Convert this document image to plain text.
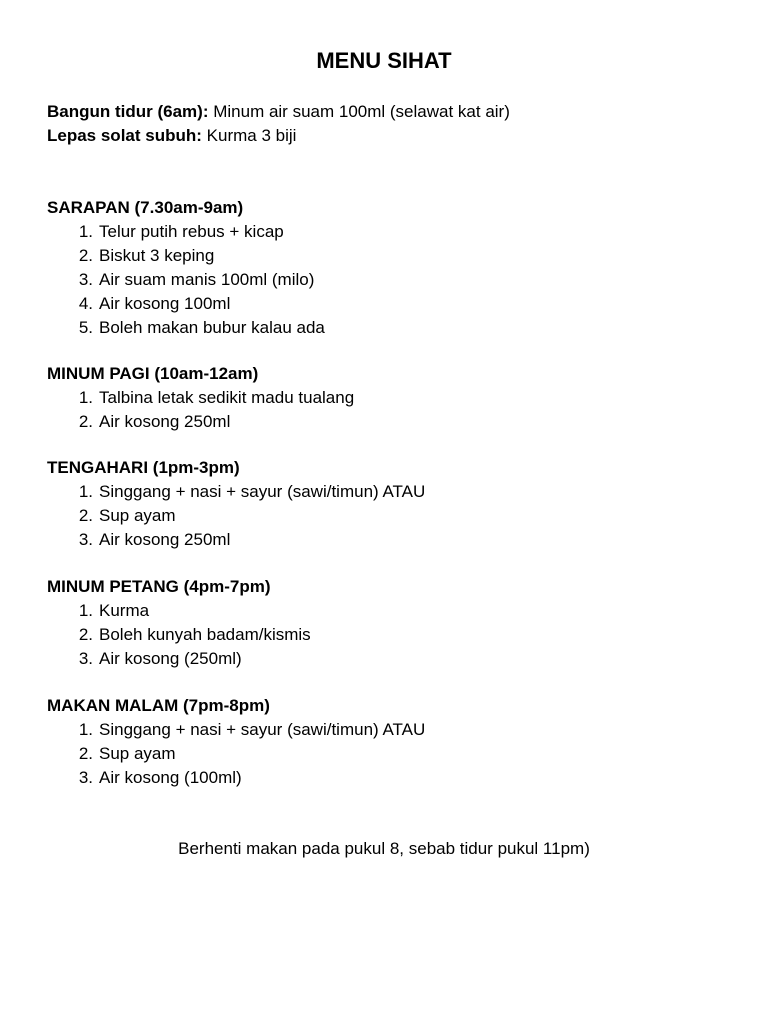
MENU SIHAT
Bangun tidur (6am): Minum air suam 100ml (selawat kat air)
Lepas solat subuh: Kurma 3 biji
SARAPAN (7.30am-9am)
1. Telur putih rebus + kicap
2. Biskut 3 keping
3. Air suam manis 100ml (milo)
4. Air kosong 100ml
5. Boleh makan bubur kalau ada
MINUM PAGI (10am-12am)
1. Talbina letak sedikit madu tualang
2. Air kosong 250ml
TENGAHARI (1pm-3pm)
1. Singgang + nasi + sayur (sawi/timun) ATAU
2. Sup ayam
3. Air kosong 250ml
MINUM PETANG (4pm-7pm)
1. Kurma
2. Boleh kunyah badam/kismis
3. Air kosong (250ml)
MAKAN MALAM (7pm-8pm)
1. Singgang + nasi + sayur (sawi/timun) ATAU
2. Sup ayam
3. Air kosong (100ml)
Berhenti makan pada pukul 8, sebab tidur pukul 11pm)
